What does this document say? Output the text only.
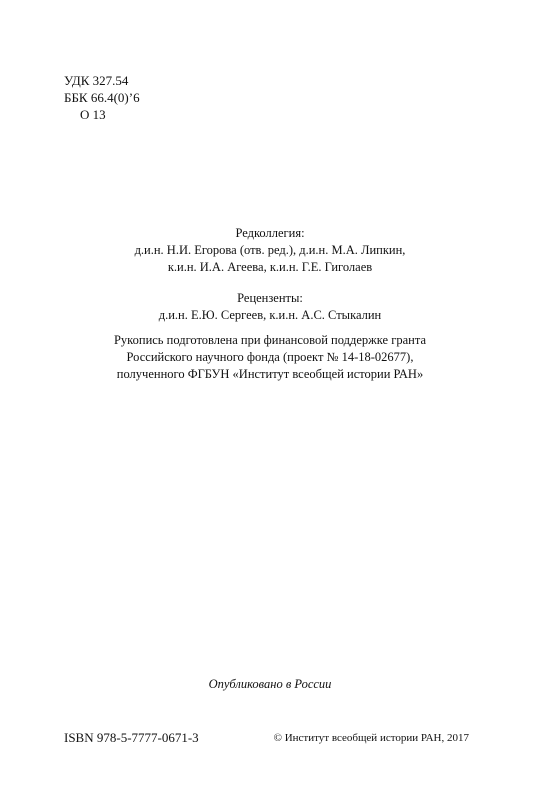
УДК 327.54
ББК 66.4(0)’6
О 13
Редколлегия:
д.и.н. Н.И. Егорова (отв. ред.), д.и.н. М.А. Липкин,
к.и.н. И.А. Агеева, к.и.н. Г.Е. Гиголаев
Рецензенты:
д.и.н. Е.Ю. Сергеев, к.и.н. А.С. Стыкалин
Рукопись подготовлена при финансовой поддержке гранта
Российского научного фонда (проект № 14-18-02677),
полученного ФГБУН «Институт всеобщей истории РАН»
Опубликовано в России
ISBN 978-5-7777-0671-3	© Институт всеобщей истории РАН, 2017
